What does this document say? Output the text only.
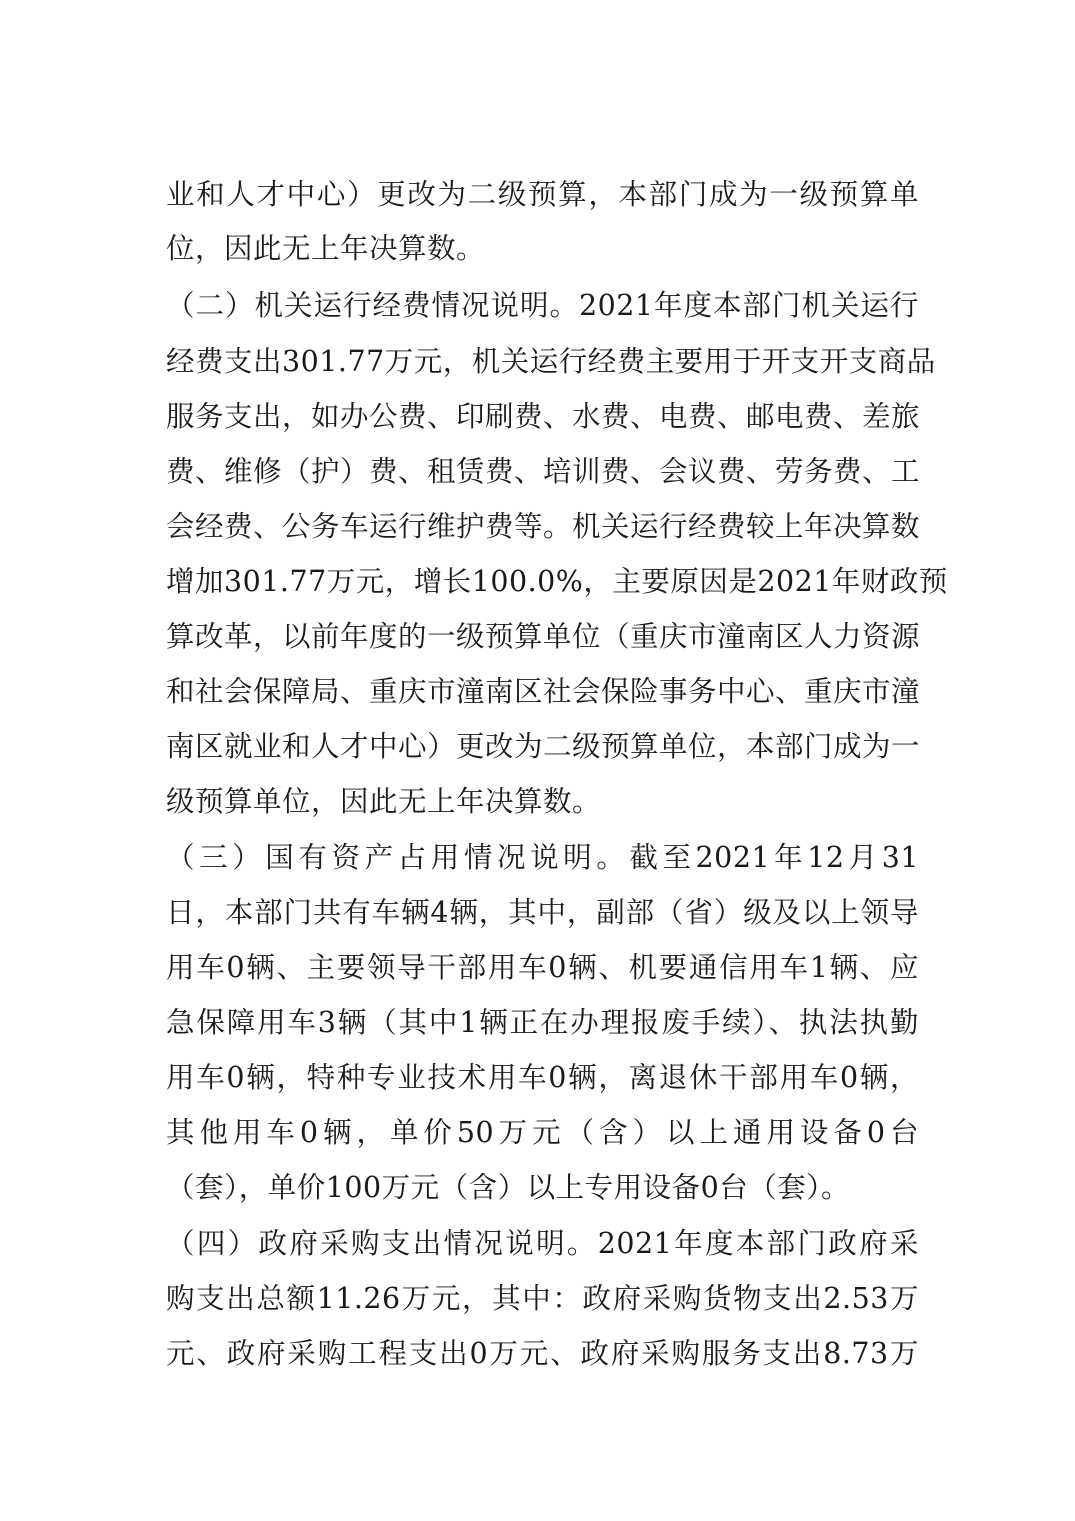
业和人才中心）更改为二级预算，本部门成为一级预算单
位，因此无上年决算数。
（二）机关运行经费情况说明。2021年度本部门机关运行
经费支出301.77万元，机关运行经费主要用于开支开支商品
服务支出，如办公费、印刷费、水费、电费、邮电费、差旅
费、维修（护）费、租赁费、培训费、会议费、劳务费、工
会经费、公务车运行维护费等。机关运行经费较上年决算数
增加301.77万元，增长100.0%，主要原因是2021年财政预
算改革，以前年度的一级预算单位（重庆市潼南区人力资源
和社会保障局、重庆市潼南区社会保险事务中心、重庆市潼
南区就业和人才中心）更改为二级预算单位，本部门成为一
级预算单位，因此无上年决算数。
（三）国有资产占用情况说明。截至2021年12月31
日，本部门共有车辆4辆，其中，副部（省）级及以上领导
用车0辆、主要领导干部用车0辆、机要通信用车1辆、应
急保障用车3辆（其中1辆正在办理报废手续）、执法执勤
用车0辆，特种专业技术用车0辆，离退休干部用车0辆，
其他用车0辆，单价50万元（含）以上通用设备0台
（套），单价100万元（含）以上专用设备0台（套）。
（四）政府采购支出情况说明。2021年度本部门政府采
购支出总额11.26万元，其中：政府采购货物支出2.53万
元、政府采购工程支出0万元、政府采购服务支出8.73万
